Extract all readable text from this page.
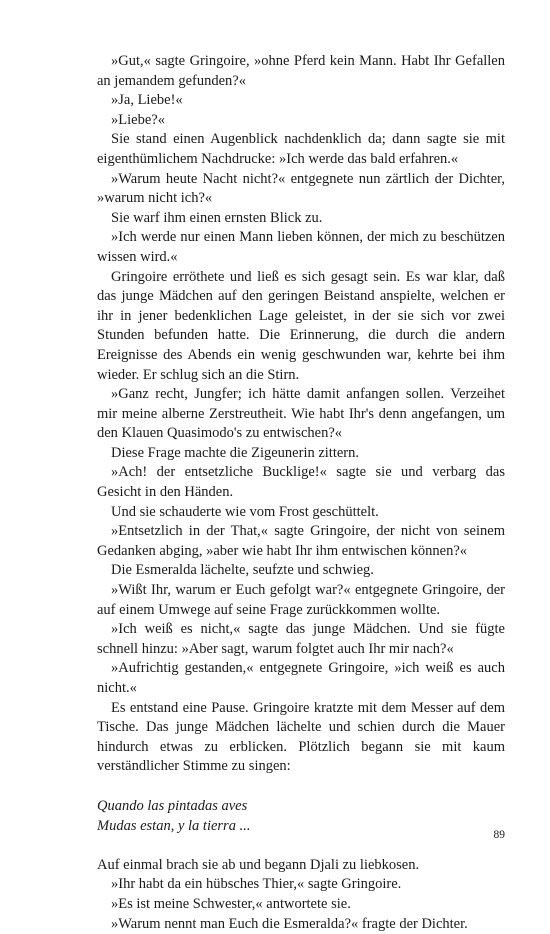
»Gut,« sagte Gringoire, »ohne Pferd kein Mann. Habt Ihr Gefallen an jemandem gefunden?«

»Ja, Liebe!«

»Liebe?«

Sie stand einen Augenblick nachdenklich da; dann sagte sie mit eigenthümlichem Nachdrucke: »Ich werde das bald erfahren.«

»Warum heute Nacht nicht?« entgegnete nun zärtlich der Dichter, »warum nicht ich?«

Sie warf ihm einen ernsten Blick zu.

»Ich werde nur einen Mann lieben können, der mich zu beschützen wissen wird.«

Gringoire erröthete und ließ es sich gesagt sein. Es war klar, daß das junge Mädchen auf den geringen Beistand anspielte, welchen er ihr in jener bedenklichen Lage geleistet, in der sie sich vor zwei Stunden befunden hatte. Die Erinnerung, die durch die andern Ereignisse des Abends ein wenig geschwunden war, kehrte bei ihm wieder. Er schlug sich an die Stirn.

»Ganz recht, Jungfer; ich hätte damit anfangen sollen. Verzeihet mir meine alberne Zerstreutheit. Wie habt Ihr's denn angefangen, um den Klauen Quasimodo's zu entwischen?«

Diese Frage machte die Zigeunerin zittern.

»Ach! der entsetzliche Bucklige!« sagte sie und verbarg das Gesicht in den Händen.

Und sie schauderte wie vom Frost geschüttelt.

»Entsetzlich in der That,« sagte Gringoire, der nicht von seinem Gedanken abging, »aber wie habt Ihr ihm entwischen können?«

Die Esmeralda lächelte, seufzte und schwieg.

»Wißt Ihr, warum er Euch gefolgt war?« entgegnete Gringoire, der auf einem Umwege auf seine Frage zurückkommen wollte.

»Ich weiß es nicht,« sagte das junge Mädchen. Und sie fügte schnell hinzu: »Aber sagt, warum folgtet auch Ihr mir nach?«

»Aufrichtig gestanden,« entgegnete Gringoire, »ich weiß es auch nicht.«

Es entstand eine Pause. Gringoire kratzte mit dem Messer auf dem Tische. Das junge Mädchen lächelte und schien durch die Mauer hindurch etwas zu erblicken. Plötzlich begann sie mit kaum verständlicher Stimme zu singen:

Quando las pintadas aves

Mudas estan, y la tierra ...

Auf einmal brach sie ab und begann Djali zu liebkosen.

»Ihr habt da ein hübsches Thier,« sagte Gringoire.

»Es ist meine Schwester,« antwortete sie.

»Warum nennt man Euch die Esmeralda?« fragte der Dichter.

89
